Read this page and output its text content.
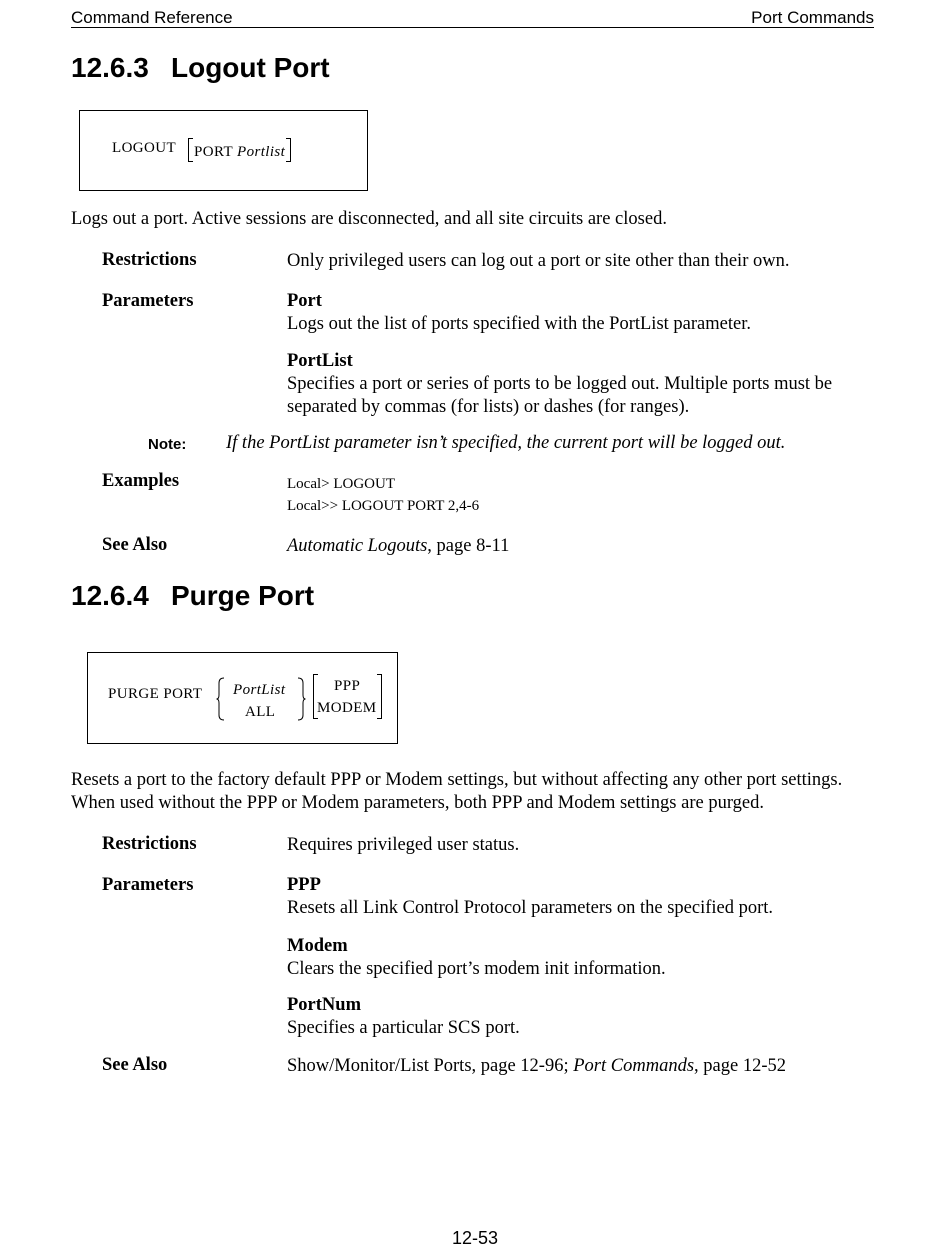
Command Reference	Port Commands
12.6.3 Logout Port
LOGOUT PORT Portlist
Logs out a port. Active sessions are disconnected, and all site circuits are closed.
Restrictions	Only privileged users can log out a port or site other than their own.
Parameters	Port
Logs out the list of ports specified with the PortList parameter.
PortList
Specifies a port or series of ports to be logged out. Multiple ports must be
separated by commas (for lists) or dashes (for ranges).
Note: If the PortList parameter isn’t specified, the current port will be logged out.
Examples	Local> LOGOUT
Local>> LOGOUT PORT 2,4-6
See Also	Automatic Logouts, page 8-11
12.6.4 Purge Port
PURGE PORT PortList
ALL
PPP
MODEM
Resets a port to the factory default PPP or Modem settings, but without affecting any other port settings.
When used without the PPP or Modem parameters, both PPP and Modem settings are purged.
Restrictions	Requires privileged user status.
Parameters	PPP
Resets all Link Control Protocol parameters on the specified port.
Modem
Clears the specified port’s modem init information.
PortNum
Specifies a particular SCS port.
See Also	Show/Monitor/List Ports, page 12-96; Port Commands, page 12-52
12-53
